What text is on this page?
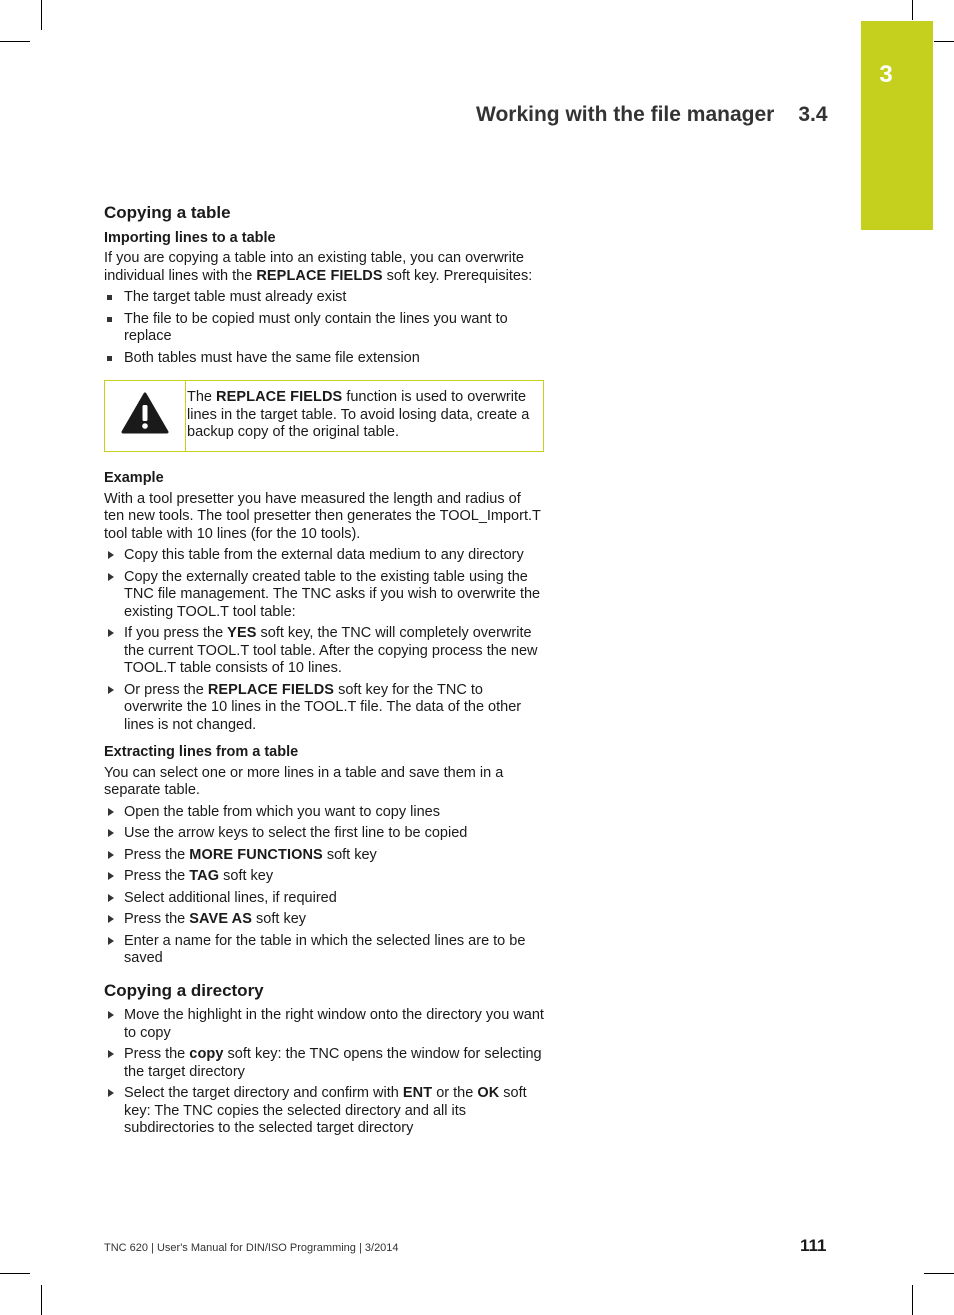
3
Working with the file manager 3.4
Copying a table
Importing lines to a table

If you are copying a table into an existing table, you can overwrite individual lines with the REPLACE FIELDS soft key. Prerequisites:

The target table must already exist
The file to be copied must only contain the lines you want to replace
Both tables must have the same file extension
The REPLACE FIELDS function is used to overwrite lines in the target table. To avoid losing data, create a backup copy of the original table.
Example

With a tool presetter you have measured the length and radius of ten new tools. The tool presetter then generates the TOOL_Import.T tool table with 10 lines (for the 10 tools).

Copy this table from the external data medium to any directory
Copy the externally created table to the existing table using the TNC file management. The TNC asks if you wish to overwrite the existing TOOL.T tool table:
If you press the YES soft key, the TNC will completely overwrite the current TOOL.T tool table. After the copying process the new TOOL.T table consists of 10 lines.
Or press the REPLACE FIELDS soft key for the TNC to overwrite the 10 lines in the TOOL.T file. The data of the other lines is not changed.
Extracting lines from a table

You can select one or more lines in a table and save them in a separate table.

Open the table from which you want to copy lines
Use the arrow keys to select the first line to be copied
Press the MORE FUNCTIONS soft key
Press the TAG soft key
Select additional lines, if required
Press the SAVE AS soft key
Enter a name for the table in which the selected lines are to be saved
Copying a directory
Move the highlight in the right window onto the directory you want to copy
Press the copy soft key: the TNC opens the window for selecting the target directory
Select the target directory and confirm with ENT or the OK soft key: The TNC copies the selected directory and all its subdirectories to the selected target directory
TNC 620 | User's Manual for DIN/ISO Programming | 3/2014	111
